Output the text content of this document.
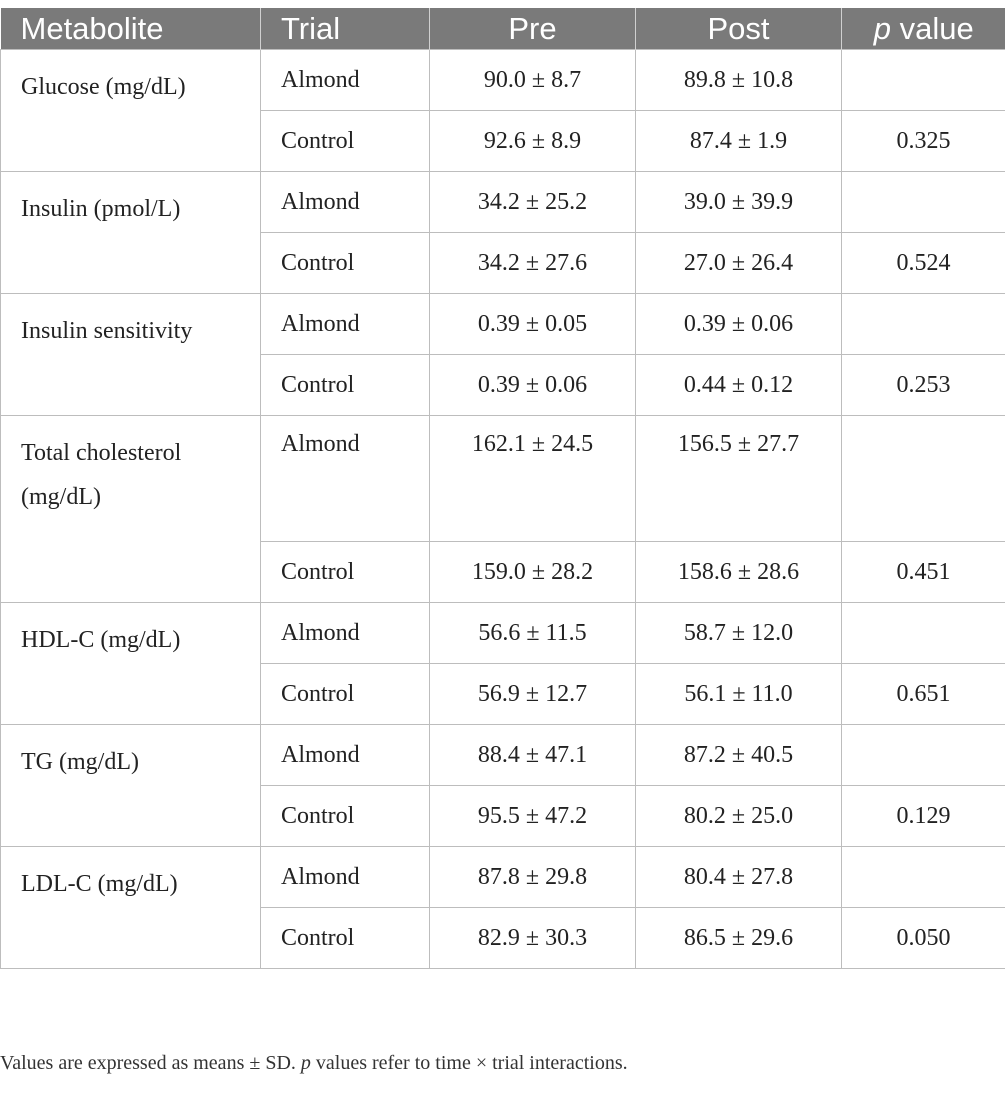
Metabolite	Trial	Pre	Post	p value
Glucose (mg/dL)	Almond	90.0 ± 8.7	89.8 ± 10.8	
	Control	92.6 ± 8.9	87.4 ± 1.9	0.325
Insulin (pmol/L)	Almond	34.2 ± 25.2	39.0 ± 39.9	
	Control	34.2 ± 27.6	27.0 ± 26.4	0.524
Insulin sensitivity	Almond	0.39 ± 0.05	0.39 ± 0.06	
	Control	0.39 ± 0.06	0.44 ± 0.12	0.253
Total cholesterol (mg/dL)	Almond	162.1 ± 24.5	156.5 ± 27.7	
	Control	159.0 ± 28.2	158.6 ± 28.6	0.451
HDL-C (mg/dL)	Almond	56.6 ± 11.5	58.7 ± 12.0	
	Control	56.9 ± 12.7	56.1 ± 11.0	0.651
TG (mg/dL)	Almond	88.4 ± 47.1	87.2 ± 40.5	
	Control	95.5 ± 47.2	80.2 ± 25.0	0.129
LDL-C (mg/dL)	Almond	87.8 ± 29.8	80.4 ± 27.8	
	Control	82.9 ± 30.3	86.5 ± 29.6	0.050
Values are expressed as means ± SD. p values refer to time × trial interactions.
